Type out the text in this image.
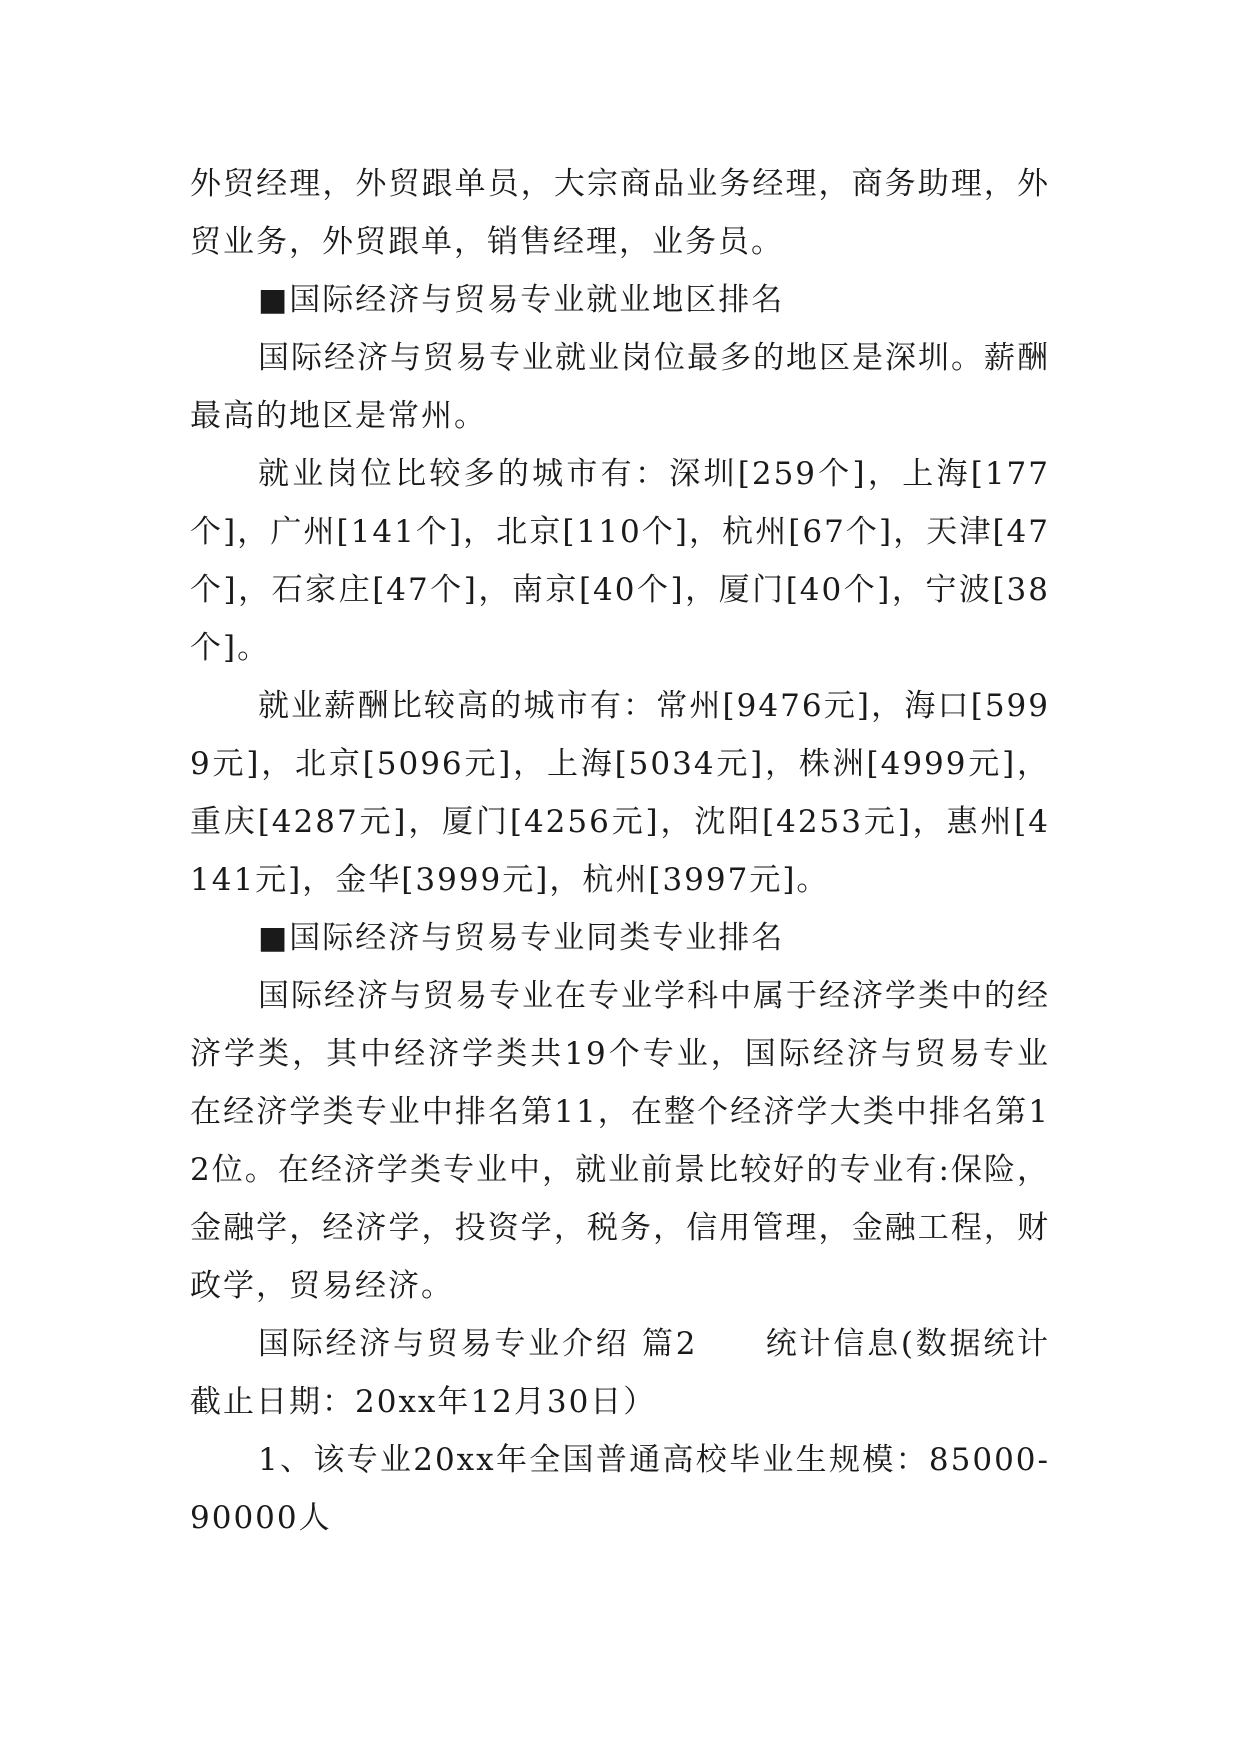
外贸经理，外贸跟单员，大宗商品业务经理，商务助理，外贸业务，外贸跟单，销售经理，业务员。

■国际经济与贸易专业就业地区排名

国际经济与贸易专业就业岗位最多的地区是深圳。薪酬最高的地区是常州。

就业岗位比较多的城市有：深圳[259个]，上海[177个]，广州[141个]，北京[110个]，杭州[67个]，天津[47个]，石家庄[47个]，南京[40个]，厦门[40个]，宁波[38个]。

就业薪酬比较高的城市有：常州[9476元]，海口[5999元]，北京[5096元]，上海[5034元]，株洲[4999元]，重庆[4287元]，厦门[4256元]，沈阳[4253元]，惠州[4141元]，金华[3999元]，杭州[3997元]。

■国际经济与贸易专业同类专业排名

国际经济与贸易专业在专业学科中属于经济学类中的经济学类，其中经济学类共19个专业，国际经济与贸易专业在经济学类专业中排名第11，在整个经济学大类中排名第12位。在经济学类专业中，就业前景比较好的专业有:保险，金融学，经济学，投资学，税务，信用管理，金融工程，财政学，贸易经济。

国际经济与贸易专业介绍 篇2　　统计信息(数据统计截止日期：20xx年12月30日）

1、该专业20xx年全国普通高校毕业生规模：85000-90000人
